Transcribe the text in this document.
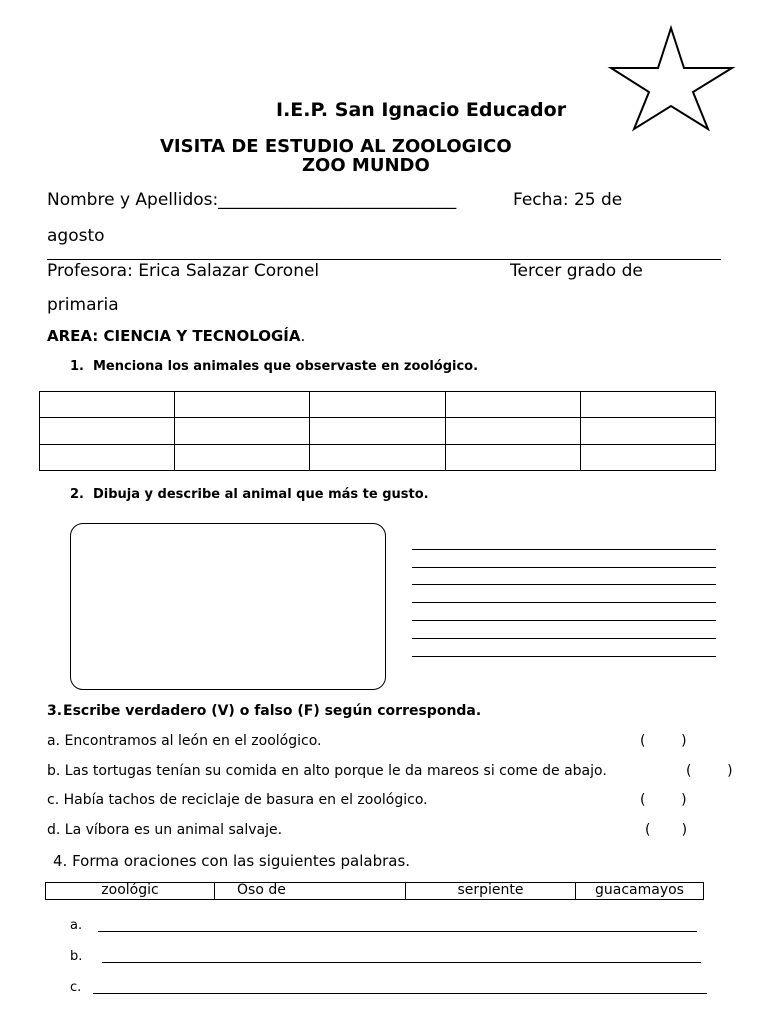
I.E.P. San Ignacio Educador
VISITA DE ESTUDIO AL ZOOLOGICO
ZOO MUNDO
Nombre y Apellidos:____________________________	Fecha: 25 de
agosto
Profesora: Erica Salazar Coronel	Tercer grado de
primaria
AREA: CIENCIA Y TECNOLOGÍA.
1. Menciona los animales que observaste en zoológico.

2. Dibuja y describe al animal que más te gusto.
3. Escribe verdadero (V) o falso (F) según corresponda.
a. Encontramos al león en el zoológico.	(        )
b. Las tortugas tenían su comida en alto porque le da mareos si come de abajo.	(        )
c. Había tachos de reciclaje de basura en el zoológico.	(        )
d. La víbora es un animal salvaje.	(       )
4. Forma oraciones con las siguientes palabras.
zoológic	Oso de	serpiente	guacamayos
a.
b.
c.
